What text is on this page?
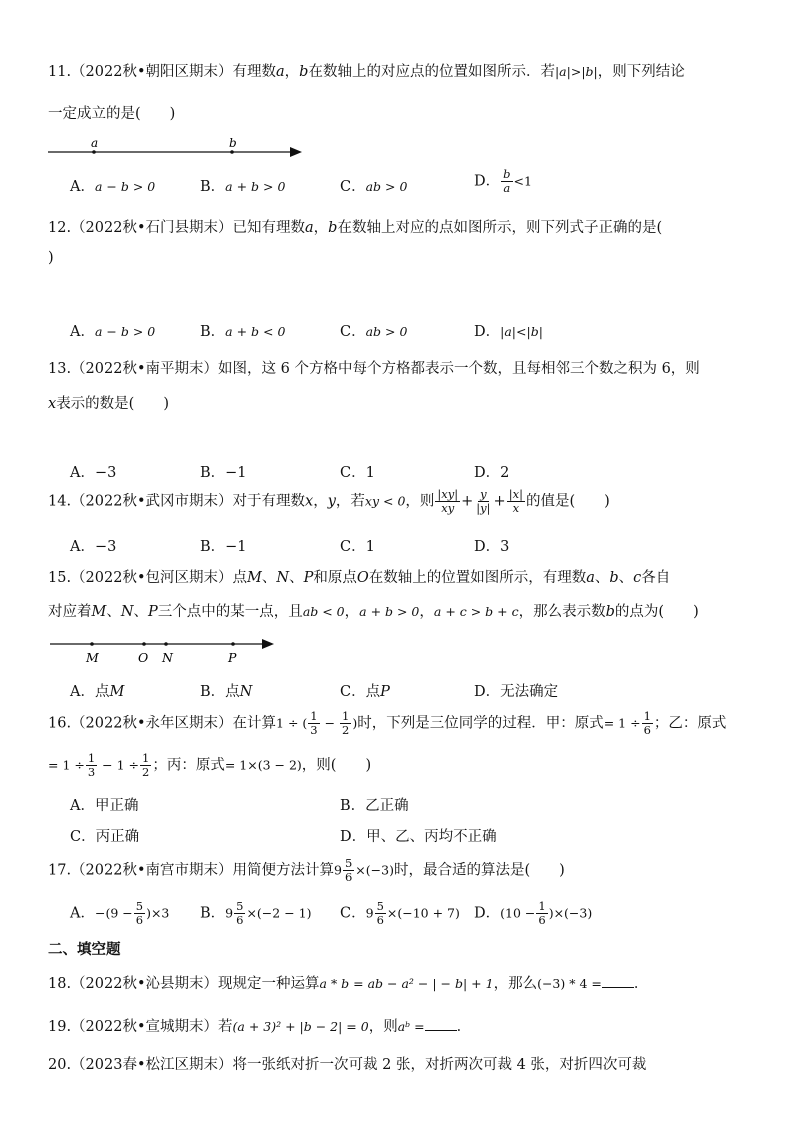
11.（2022秋•朝阳区期末）有理数a，b在数轴上的对应点的位置如图所示．若|a|>|b|，则下列结论
一定成立的是(　　)
a	b
A．a − b > 0	B．a + b > 0	C．ab > 0	D． $\frac{b}{a} <1$
12.（2022秋•石门县期末）已知有理数a，b在数轴上对应的点如图所示，则下列式子正确的是(
)
A．a − b > 0	B．a + b < 0	C．ab > 0	D．|a|<|b|
13.（2022秋•南平期末）如图，这 6 个方格中每个方格都表示一个数，且每相邻三个数之积为 6，则
x表示的数是(　　)
A．−3	B．−1	C．1	D．2
14.（2022秋•武冈市期末）对于有理数x，y，若xy < 0，则 $\frac{|xy|}{xy} + \frac{y}{|y|} + \frac{|x|}{x}$ 的值是(　　)
A．−3	B．−1	C．1	D．3
15.（2022秋•包河区期末）点M、N、P和原点O在数轴上的位置如图所示，有理数a、b、c各自
对应着M、N、P三个点中的某一点，且ab < 0，a + b > 0，a + c > b + c，那么表示数b的点为(　　)
M	O N	P
A．点M	B．点N	C．点P	D．无法确定
16.（2022秋•永年区期末）在计算1 ÷ ( $\frac{1}{3} - \frac{1}{2}$ )时，下列是三位同学的过程．甲：原式= $1 \div \frac{1}{6}$ ；乙：原式
= $1 \div \frac{1}{3} - 1 \div \frac{1}{2}$ ；丙：原式= 1×(3 − 2)，则(　　)
A．甲正确	B．乙正确
C．丙正确	D．甲、乙、丙均不正确
17.（2022秋•南宫市期末）用简便方法计算$9 \frac{5}{6} \times(-3)$时，最合适的算法是(　　)
A．$-(9 - \frac{5}{6} )\times 3$ B．$9 \frac{5}{6} \times(-2 - 1)$ C．$9 \frac{5}{6} \times(-10 + 7)$ D．$(10 - \frac{1}{6} )\times(-3)$
二、填空题
18.（2022秋•沁县期末）现规定一种运算a * b = ab − a² − | − b| + 1，那么(−3) * 4 = ．
19.（2022秋•宣城期末）若(a + 3)² + |b − 2| = 0，则aᵇ = ．
20.（2023春•松江区期末）将一张纸对折一次可裁 2 张，对折两次可裁 4 张，对折四次可裁
